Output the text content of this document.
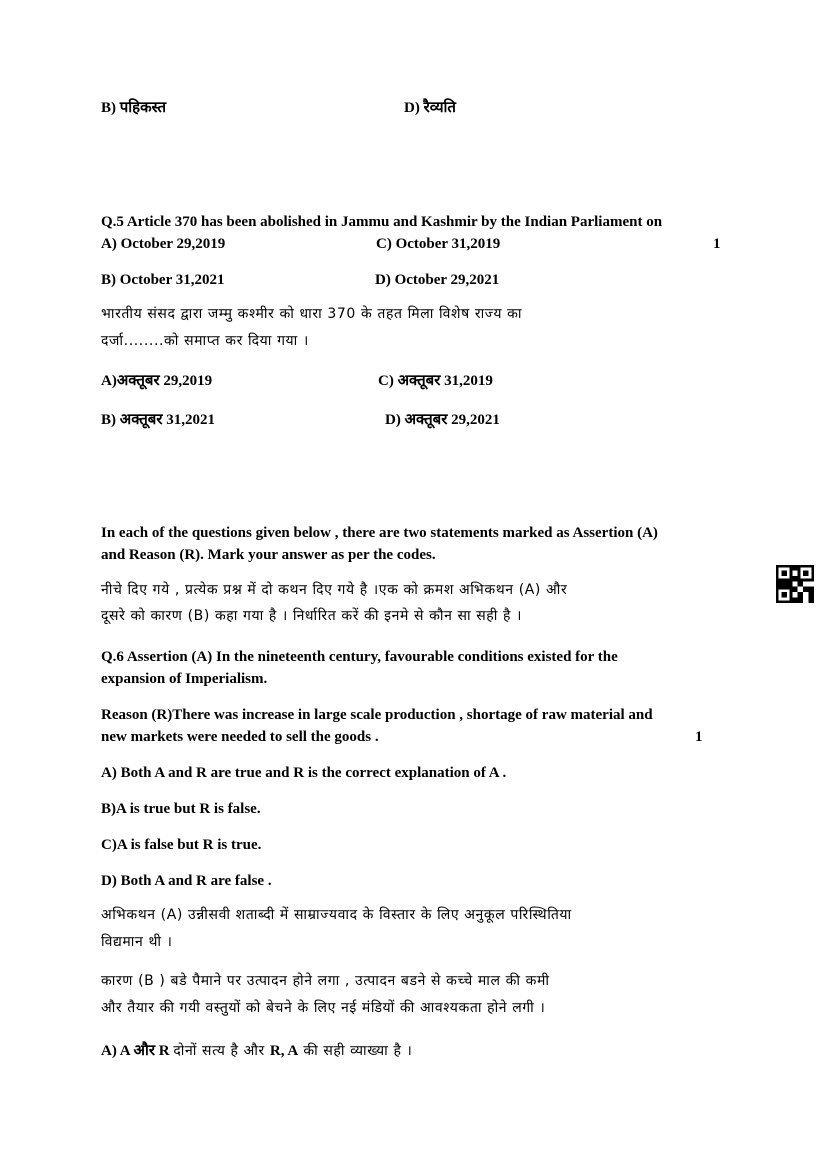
B) पहिकस्त	D) रैव्यति
Q.5 Article 370 has been abolished in Jammu and Kashmir by the Indian Parliament on
A) October 29,2019	C) October 31,2019	1
B) October 31,2021	D) October 29,2021
भारतीय संसद द्वारा जम्मु कश्मीर को धारा 370 के तहत मिला विशेष राज्य का
दर्जा........को समाप्त कर दिया गया ।
A)अक्तूबर 29,2019	C) अक्तूबर 31,2019
B) अक्तूबर 31,2021	D) अक्तूबर 29,2021
In each of the questions given below , there are two statements marked as Assertion (A)
and Reason (R). Mark your answer as per the codes.
नीचे दिए गये , प्रत्येक प्रश्न में दो कथन दिए गये है ।एक को क्रमश अभिकथन (A) और
दूसरे को कारण (B) कहा गया है । निर्धारित करें की इनमे से कौन सा सही है ।
Q.6 Assertion (A) In the nineteenth century, favourable conditions existed for the
expansion of Imperialism.
Reason (R)There was increase in large scale production , shortage of raw material and
new markets were needed to sell the goods .	1
A) Both A and R are true and R is the correct explanation of A .
B)A is true but R is false.
C)A is false but R is true.
D) Both A and R are false .
अभिकथन (A) उन्नीसवी शताब्दी में साम्राज्यवाद के विस्तार के लिए अनुकूल परिस्थितिया
विद्यमान थी ।
कारण (B ) बडे पैमाने पर उत्पादन होने लगा , उत्पादन बडने से कच्चे माल की कमी
और तैयार की गयी वस्तुयों को बेचने के लिए नई मंडियों की आवश्यकता होने लगी ।
A) A और R दोनों सत्य है और R, A की सही व्याख्या है ।
